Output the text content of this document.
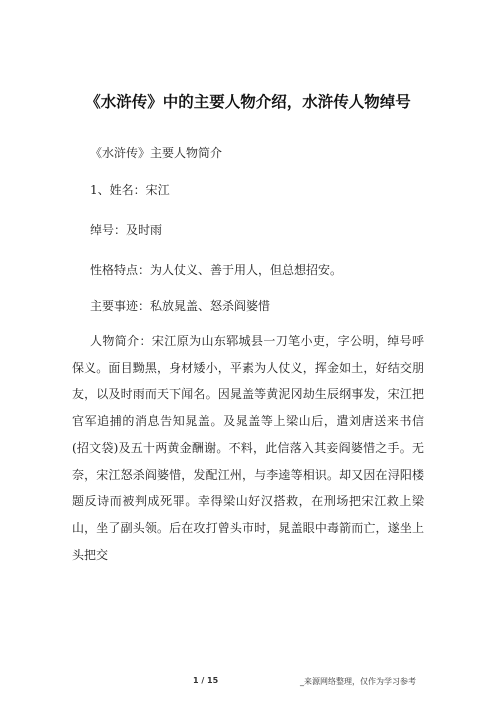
《水浒传》中的主要人物介绍，水浒传人物绰号
《水浒传》主要人物简介
1、姓名：宋江
绰号：及时雨
性格特点：为人仗义、善于用人，但总想招安。
主要事迹：私放晁盖、怒杀阎婆惜

人物简介：宋江原为山东郓城县一刀笔小吏，字公明，绰号呼保义。面目黝黑，身材矮小，平素为人仗义，挥金如土，好结交朋友，以及时雨而天下闻名。因晁盖等黄泥冈劫生辰纲事发，宋江把官军追捕的消息告知晁盖。及晁盖等上梁山后，遣刘唐送来书信(招文袋)及五十两黄金酬谢。不料，此信落入其妾阎婆惜之手。无奈，宋江怒杀阎婆惜，发配江州，与李逵等相识。却又因在浔阳楼题反诗而被判成死罪。幸得梁山好汉搭救，在刑场把宋江救上梁山，坐了副头领。后在攻打曾头市时，晁盖眼中毒箭而亡，遂坐上头把交

1 / 15	_来源网络整理，仅作为学习参考
